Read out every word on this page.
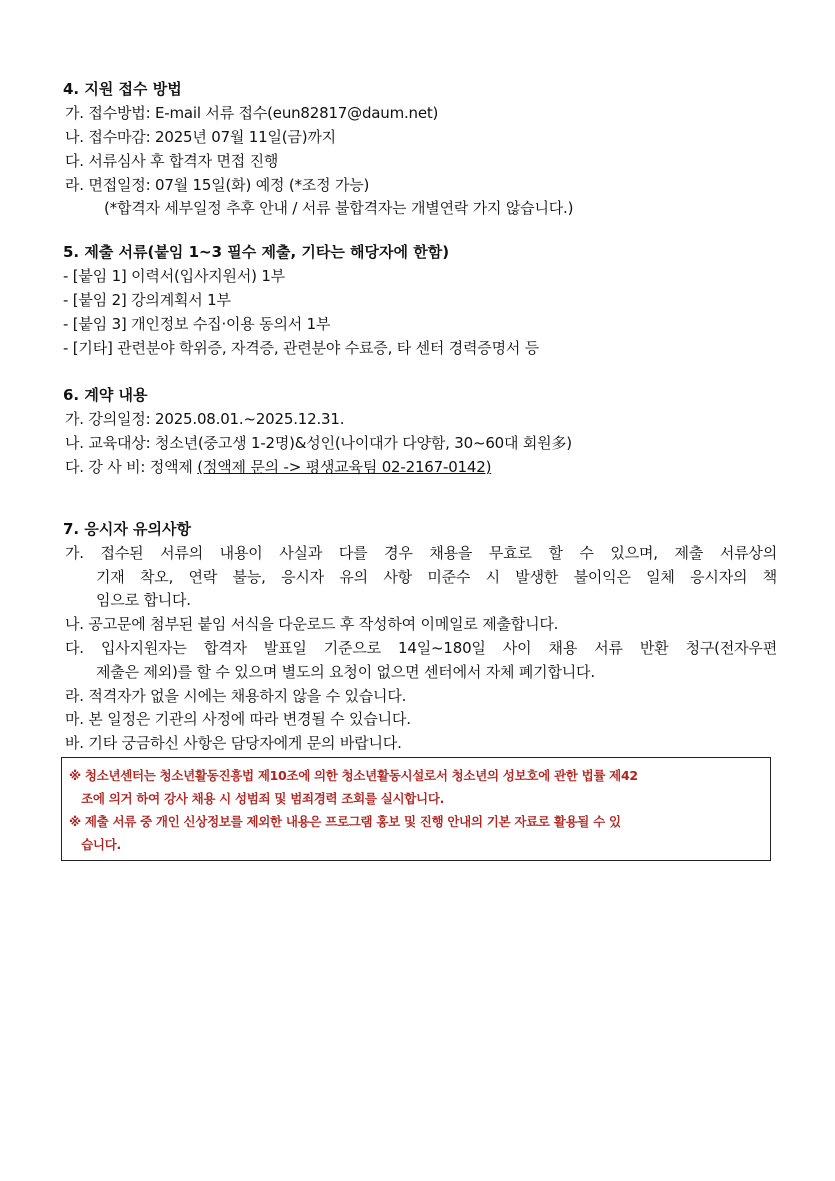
4. 지원 접수 방법
가. 접수방법: E-mail 서류 접수(eun82817@daum.net)
나. 접수마감: 2025년 07월 11일(금)까지
다. 서류심사 후 합격자 면접 진행
라. 면접일정: 07월 15일(화) 예정 (*조정 가능)
(*합격자 세부일정 추후 안내 / 서류 불합격자는 개별연락 가지 않습니다.)
5. 제출 서류(붙임 1~3 필수 제출, 기타는 해당자에 한함)
- [붙임 1] 이력서(입사지원서) 1부
- [붙임 2] 강의계획서 1부
- [붙임 3] 개인정보 수집·이용 동의서 1부
- [기타] 관련분야 학위증, 자격증, 관련분야 수료증, 타 센터 경력증명서 등
6. 계약 내용
가. 강의일정: 2025.08.01.~2025.12.31.
나. 교육대상: 청소년(중고생 1-2명)&성인(나이대가 다양함, 30~60대 회원多)
다. 강 사 비: 정액제 (정액제 문의 -> 평생교육팀 02-2167-0142)
7. 응시자 유의사항
가. 접수된 서류의 내용이 사실과 다를 경우 채용을 무효로 할 수 있으며, 제출 서류상의
기재 착오, 연락 불능, 응시자 유의 사항 미준수 시 발생한 불이익은 일체 응시자의 책
임으로 합니다.
나. 공고문에 첨부된 붙임 서식을 다운로드 후 작성하여 이메일로 제출합니다.
다. 입사지원자는 합격자 발표일 기준으로 14일~180일 사이 채용 서류 반환 청구(전자우편
제출은 제외)를 할 수 있으며 별도의 요청이 없으면 센터에서 자체 폐기합니다.
라. 적격자가 없을 시에는 채용하지 않을 수 있습니다.
마. 본 일정은 기관의 사정에 따라 변경될 수 있습니다.
바. 기타 궁금하신 사항은 담당자에게 문의 바랍니다.
※ 청소년센터는 청소년활동진흥법 제10조에 의한 청소년활동시설로서 청소년의 성보호에 관한 법률 제42
조에 의거 하여 강사 채용 시 성범죄 및 범죄경력 조회를 실시합니다.
※ 제출 서류 중 개인 신상정보를 제외한 내용은 프로그램 홍보 및 진행 안내의 기본 자료로 활용될 수 있
습니다.
